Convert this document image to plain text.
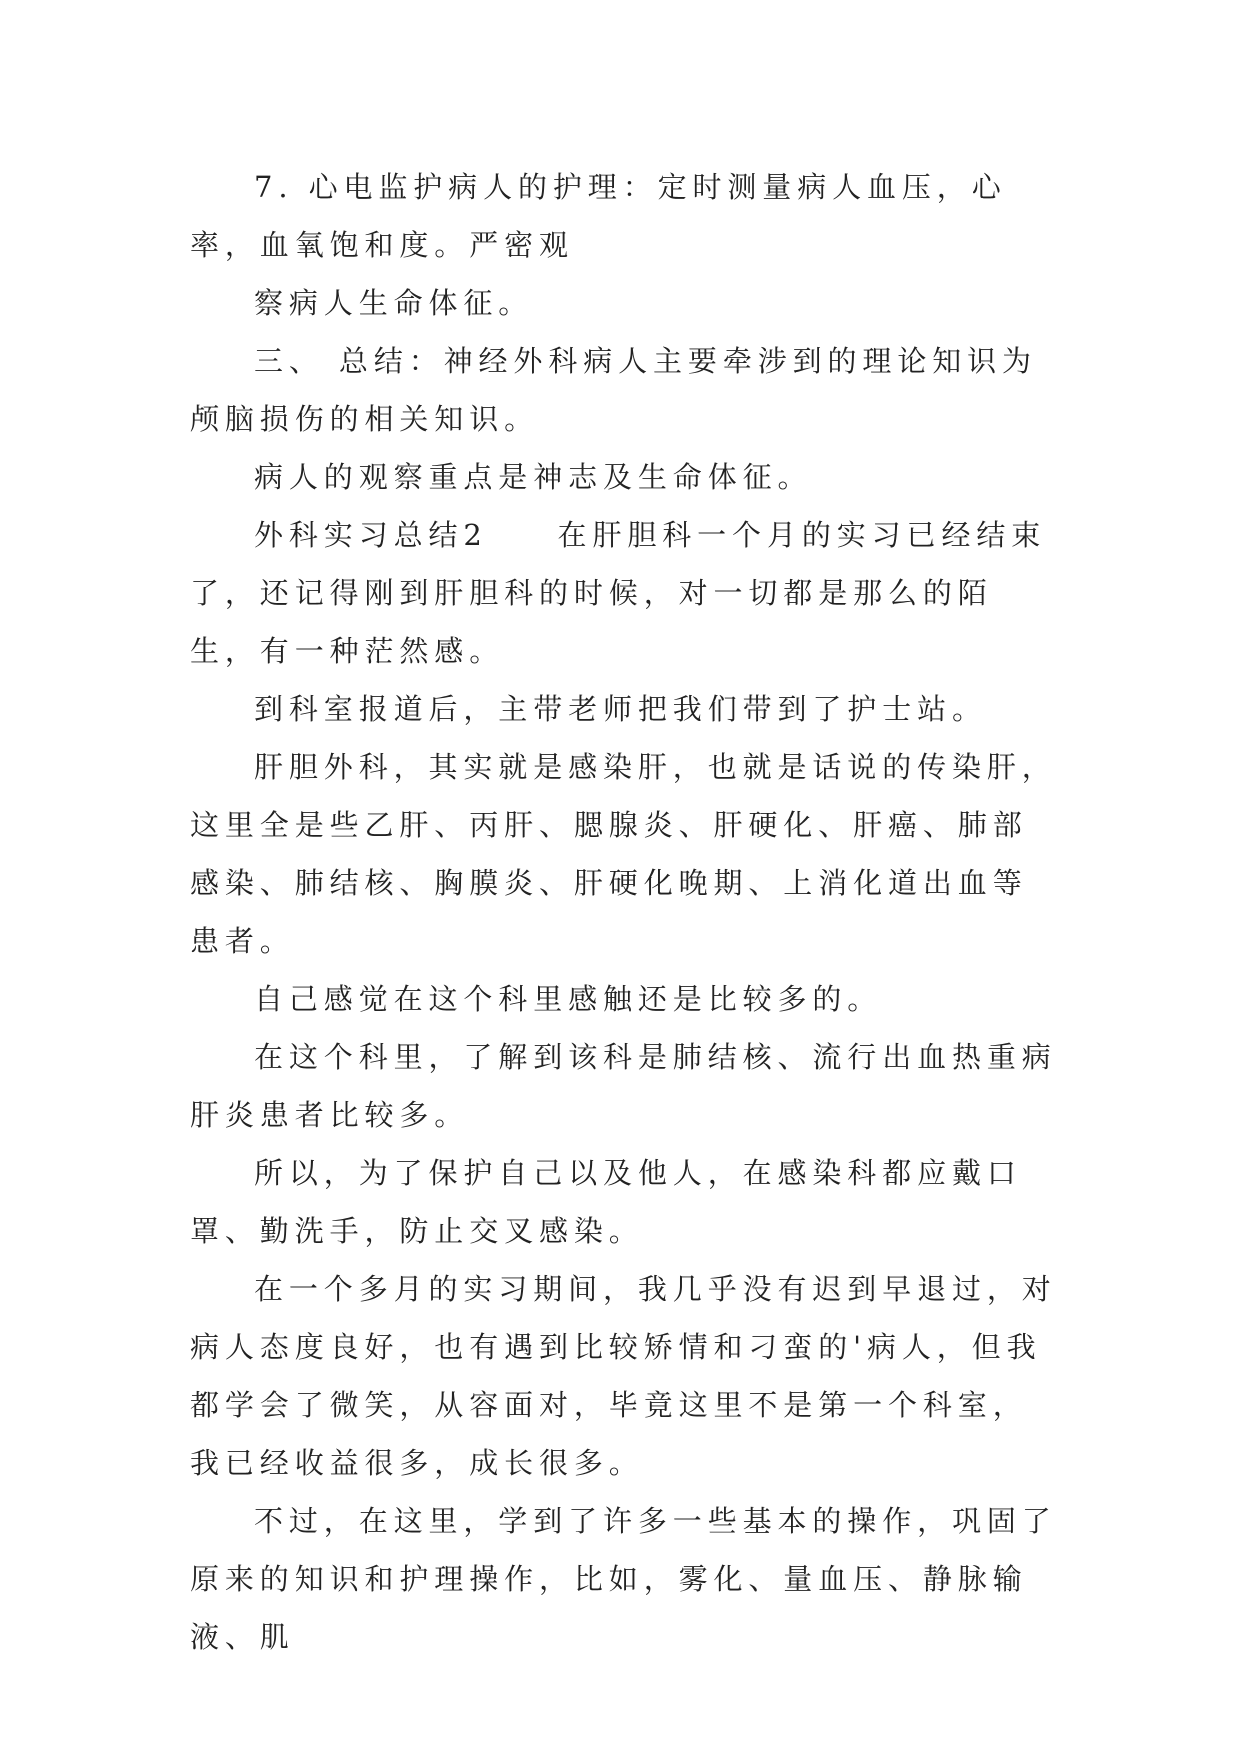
7. 心电监护病人的护理：定时测量病人血压，心率，血氧饱和度。严密观

察病人生命体征。

三、 总结：神经外科病人主要牵涉到的理论知识为颅脑损伤的相关知识。

病人的观察重点是神志及生命体征。

外科实习总结2　　在肝胆科一个月的实习已经结束了，还记得刚到肝胆科的时候，对一切都是那么的陌生，有一种茫然感。

到科室报道后，主带老师把我们带到了护士站。

肝胆外科，其实就是感染肝，也就是话说的传染肝，这里全是些乙肝、丙肝、腮腺炎、肝硬化、肝癌、肺部感染、肺结核、胸膜炎、肝硬化晚期、上消化道出血等患者。

自己感觉在这个科里感触还是比较多的。

在这个科里，了解到该科是肺结核、流行出血热重病肝炎患者比较多。

所以，为了保护自己以及他人，在感染科都应戴口罩、勤洗手，防止交叉感染。

在一个多月的实习期间，我几乎没有迟到早退过，对病人态度良好，也有遇到比较矫情和刁蛮的'病人，但我都学会了微笑，从容面对，毕竟这里不是第一个科室，我已经收益很多，成长很多。

不过，在这里，学到了许多一些基本的操作，巩固了原来的知识和护理操作，比如，雾化、量血压、静脉输液、肌
